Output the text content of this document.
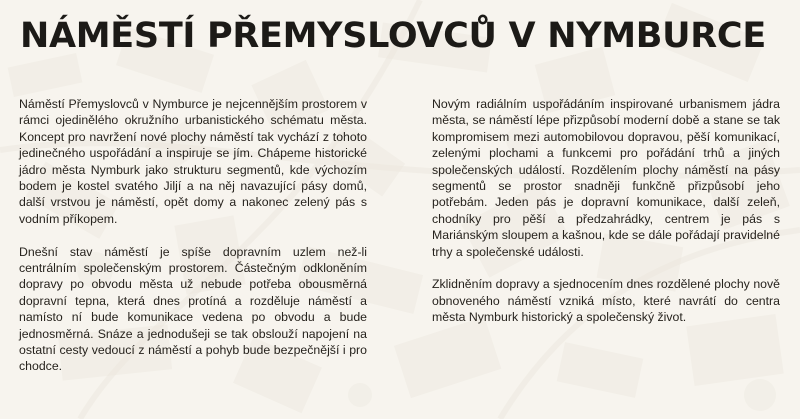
NÁMĚSTÍ PŘEMYSLOVCŮ V NYMBURCE

Náměstí Přemyslovců v Nymburce je nejcennějším prostorem v rámci ojedinělého okružního urbanistického schématu města. Koncept pro navržení nové plochy náměstí tak vychází z tohoto jedinečného uspořádání a inspiruje se jím. Chápeme historické jádro města Nymburk jako strukturu segmentů, kde výchozím bodem je kostel svatého Jiljí a na něj navazující pásy domů, další vrstvou je náměstí, opět domy a nakonec zelený pás s vodním příkopem.

Dnešní stav náměstí je spíše dopravním uzlem než-li centrálním společenským prostorem. Částečným odkloněním dopravy po obvodu města už nebude potřeba obousměrná dopravní tepna, která dnes protíná a rozděluje náměstí a namísto ní bude komunikace vedena po obvodu a bude jednosměrná. Snáze a jednodušeji se tak obslouží napojení na ostatní cesty vedoucí z náměstí a pohyb bude bezpečnější i pro chodce.

Novým radiálním uspořádáním inspirované urbanismem jádra města, se náměstí lépe přizpůsobí moderní době a stane se tak kompromisem mezi automobilovou dopravou, pěší komunikací, zelenými plochami a funkcemi pro pořádání trhů a jiných společenských událostí. Rozdělením plochy náměstí na pásy segmentů se prostor snadněji funkčně přizpůsobí jeho potřebám. Jeden pás je dopravní komunikace, další zeleň, chodníky pro pěší a předzahrádky, centrem je pás s Mariánským sloupem a kašnou, kde se dále pořádají pravidelné trhy a společenské události.

Zklidněním dopravy a sjednocením dnes rozdělené plochy nově obnoveného náměstí vzniká místo, které navrátí do centra města Nymburk historický a společenský život.
